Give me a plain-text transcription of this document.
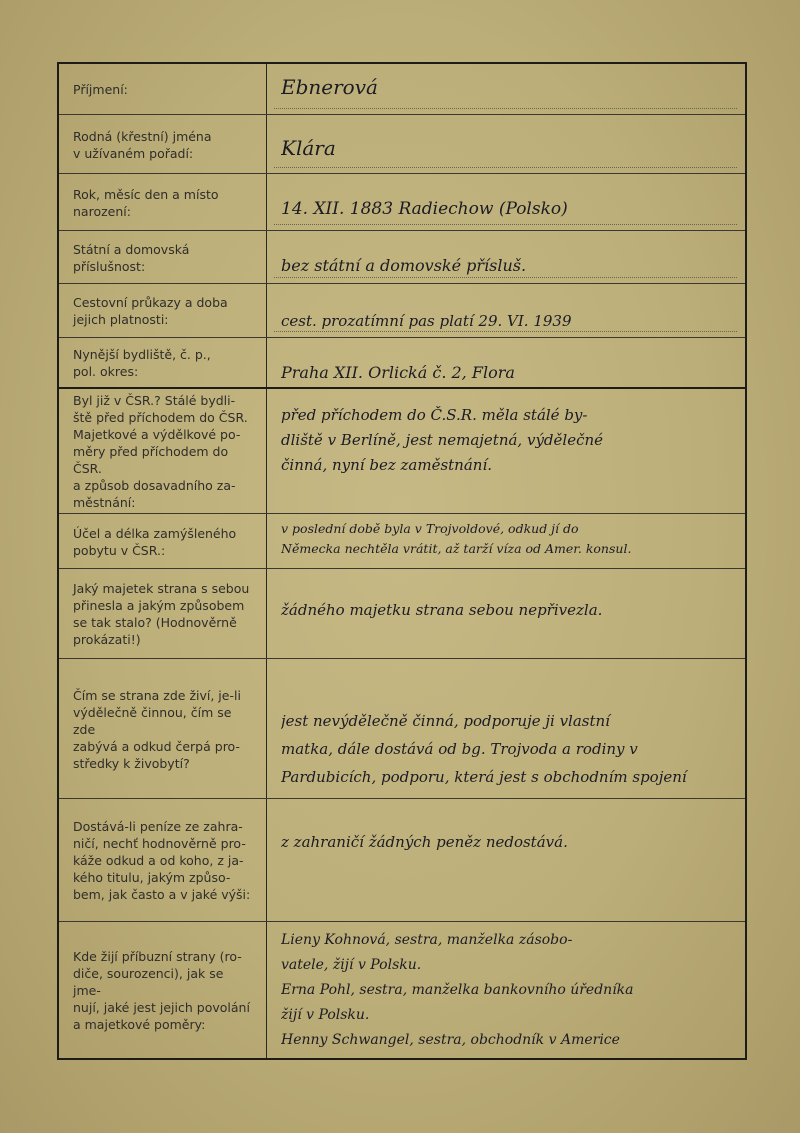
Příjmení:	Ebnerová
Rodná (křestní) jména
v užívaném pořadí:	Klára
Rok, měsíc den a místo
narození:	14. XII. 1883 Radiechow (Polsko)
Státní a domovská
příslušnost:	bez státní a domovské přísluš.
Cestovní průkazy a doba
jejich platnosti:	cest. prozatímní pas platí 29. VI. 1939
Nynější bydliště, č. p.,
pol. okres:	Praha XII. Orlická č. 2, Flora
Byl již v ČSR.? Stálé bydli-
ště před příchodem do ČSR.
Majetkové a výdělkové po-
měry před příchodem do ČSR.
a způsob dosavadního za-
městnání:
před příchodem do Č.S.R. měla stálé by-
dliště v Berlíně, jest nemajetná, výdělečné
činná, nyní bez zaměstnání.
Účel a délka zamýšleného
pobytu v ČSR.:
v poslední době byla v Trojvoldové, odkud jí do
Německa nechtěla vrátit, až tarží víza od Amer. konsul.
Jaký majetek strana s sebou
přinesla a jakým způsobem
se tak stalo? (Hodnověrně
prokázati!)
žádného majetku strana sebou nepřivezla.
Čím se strana zde živí, je-li
výdělečně činnou, čím se zde
zabývá a odkud čerpá pro-
středky k živobytí?
jest nevýdělečně činná, podporuje ji vlastní
matka, dále dostává od bg. Trojvoda a rodiny v
Pardubicích, podporu, která jest s obchodním spojení
Dostává-li peníze ze zahra-
ničí, nechť hodnověrně pro-
káže odkud a od koho, z ja-
kého titulu, jakým způso-
bem, jak často a v jaké výši:
z zahraničí žádných peněz nedostává.
Kde žijí příbuzní strany (ro-
diče, sourozenci), jak se jme-
nují, jaké jest jejich povolání
a majetkové poměry:
Lieny Kohnová, sestra, manželka zásobo-
vatele, žijí v Polsku.
Erna Pohl, sestra, manželka bankovního úředníka
žijí v Polsku.
Henny Schwangel, sestra, obchodník v Americe
